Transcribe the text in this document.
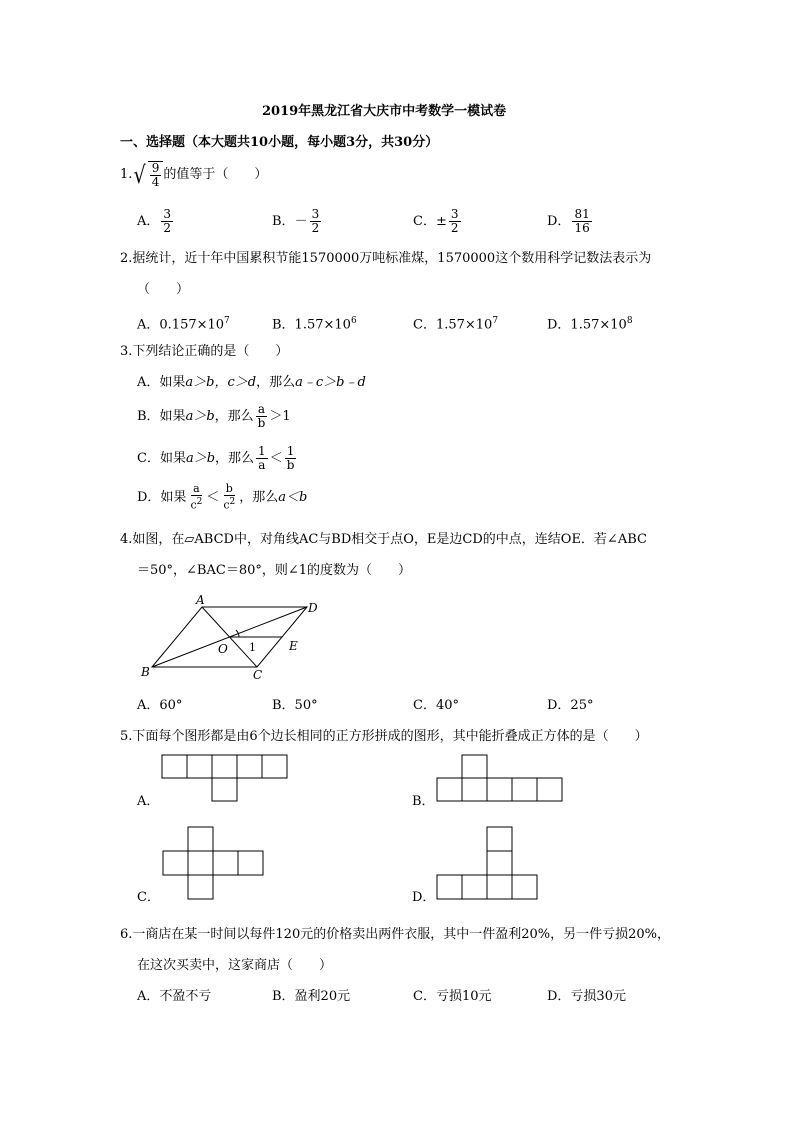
2019年黑龙江省大庆市中考数学一模试卷
一、选择题（本大题共10小题，每小题3分，共30分）
1. √ $\frac{9}{4}$ 的值等于（　　）
A． $\frac{3}{2}$	B．－ $\frac{3}{2}$	C．± $\frac{3}{2}$	D． $\frac{81}{16}$
2.据统计，近十年中国累积节能1570000万吨标准煤，1570000这个数用科学记数法表示为
（　　）
A．$0.157\times 10^7$	B．$1.57\times 10^6$	C．$1.57\times 10^7$	D．$1.57\times 10^8$
3.下列结论正确的是（　　）
A．如果a＞b，c＞d，那么a﹣c＞b﹣d
B．如果a＞b，那么 $\frac{a}{b} >1$
C．如果a＞b，那么 $\frac{1}{a} < \frac{1}{b}$
D．如果 $\frac{a}{c^2} < \frac{b}{c^2}$ ，那么a＜b
4.如图，在▱ABCD中，对角线AC与BD相交于点O，E是边CD的中点，连结OE．若∠ABC
＝50°，∠BAC＝80°，则∠1的度数为（　　）
A
B	C
D
O	E
1
A．60°	B．50°	C．40°	D．25°
5.下面每个图形都是由6个边长相同的正方形拼成的图形，其中能折叠成正方体的是（　　）
A．	B．
C．	D．
6.一商店在某一时间以每件120元的价格卖出两件衣服，其中一件盈利20%，另一件亏损20%，
在这次买卖中，这家商店（　　）
A．不盈不亏	B．盈利20元	C．亏损10元	D．亏损30元
